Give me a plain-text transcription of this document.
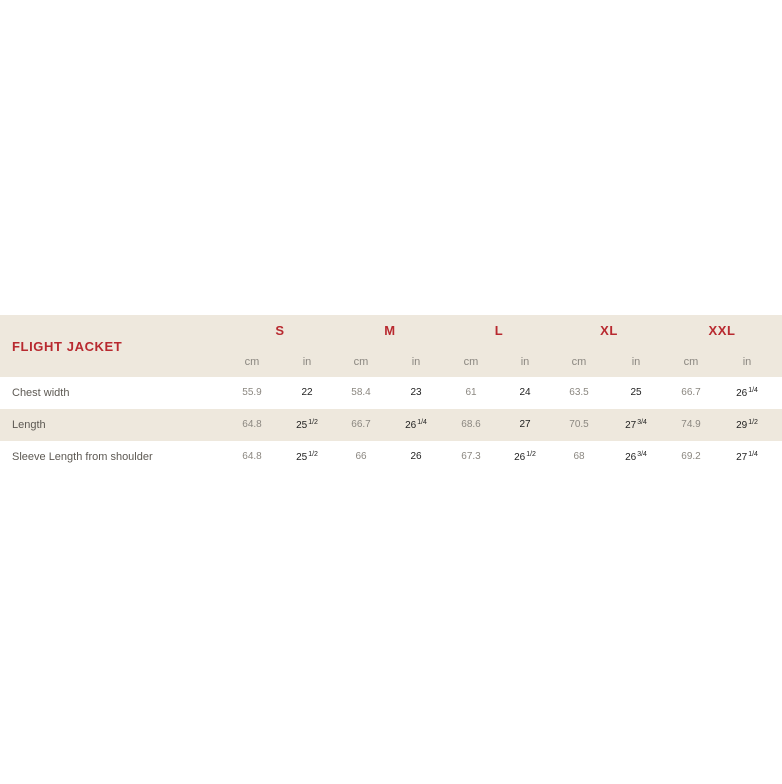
FLIGHT JACKET
S	M	L	XL	XXL
cm	in	cm	in	cm	in	cm	in	cm	in
Chest width	55.9	22	58.4	23	61	24	63.5	25	66.7	$26^{1/4}$
Length	64.8	$25^{1/2}$	66.7	$26^{1/4}$	68.6	27	70.5	$27^{3/4}$	74.9	$29^{1/2}$
Sleeve Length from shoulder	64.8	$25^{1/2}$	66	26	67.3	$26^{1/2}$	68	$26^{3/4}$	69.2	$27^{1/4}$
